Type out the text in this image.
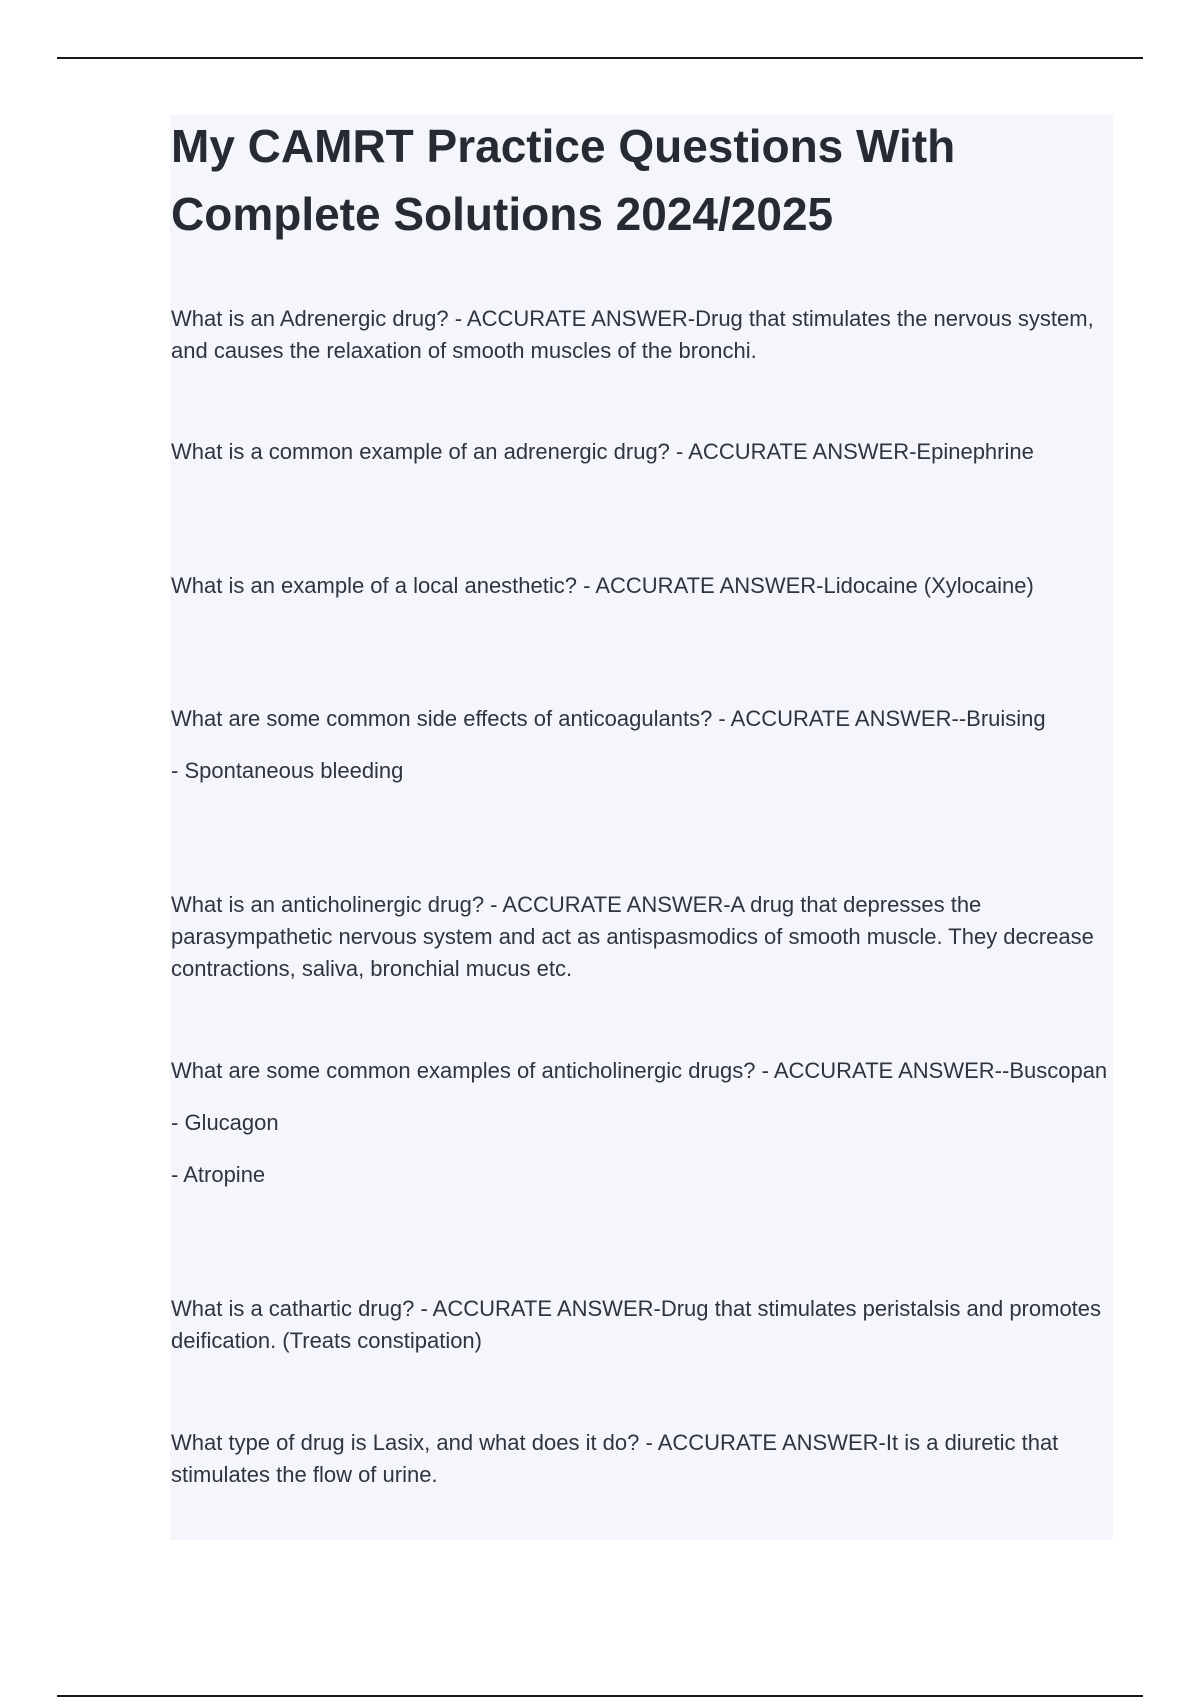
My CAMRT Practice Questions With Complete Solutions 2024/2025

What is an Adrenergic drug? - ACCURATE ANSWER-Drug that stimulates the nervous system, and causes the relaxation of smooth muscles of the bronchi.

What is a common example of an adrenergic drug? - ACCURATE ANSWER-Epinephrine

What is an example of a local anesthetic? - ACCURATE ANSWER-Lidocaine (Xylocaine)

What are some common side effects of anticoagulants? - ACCURATE ANSWER--Bruising

- Spontaneous bleeding

What is an anticholinergic drug? - ACCURATE ANSWER-A drug that depresses the parasympathetic nervous system and act as antispasmodics of smooth muscle. They decrease contractions, saliva, bronchial mucus etc.

What are some common examples of anticholinergic drugs? - ACCURATE ANSWER--Buscopan

- Glucagon

- Atropine

What is a cathartic drug? - ACCURATE ANSWER-Drug that stimulates peristalsis and promotes deification. (Treats constipation)

What type of drug is Lasix, and what does it do? - ACCURATE ANSWER-It is a diuretic that stimulates the flow of urine.
